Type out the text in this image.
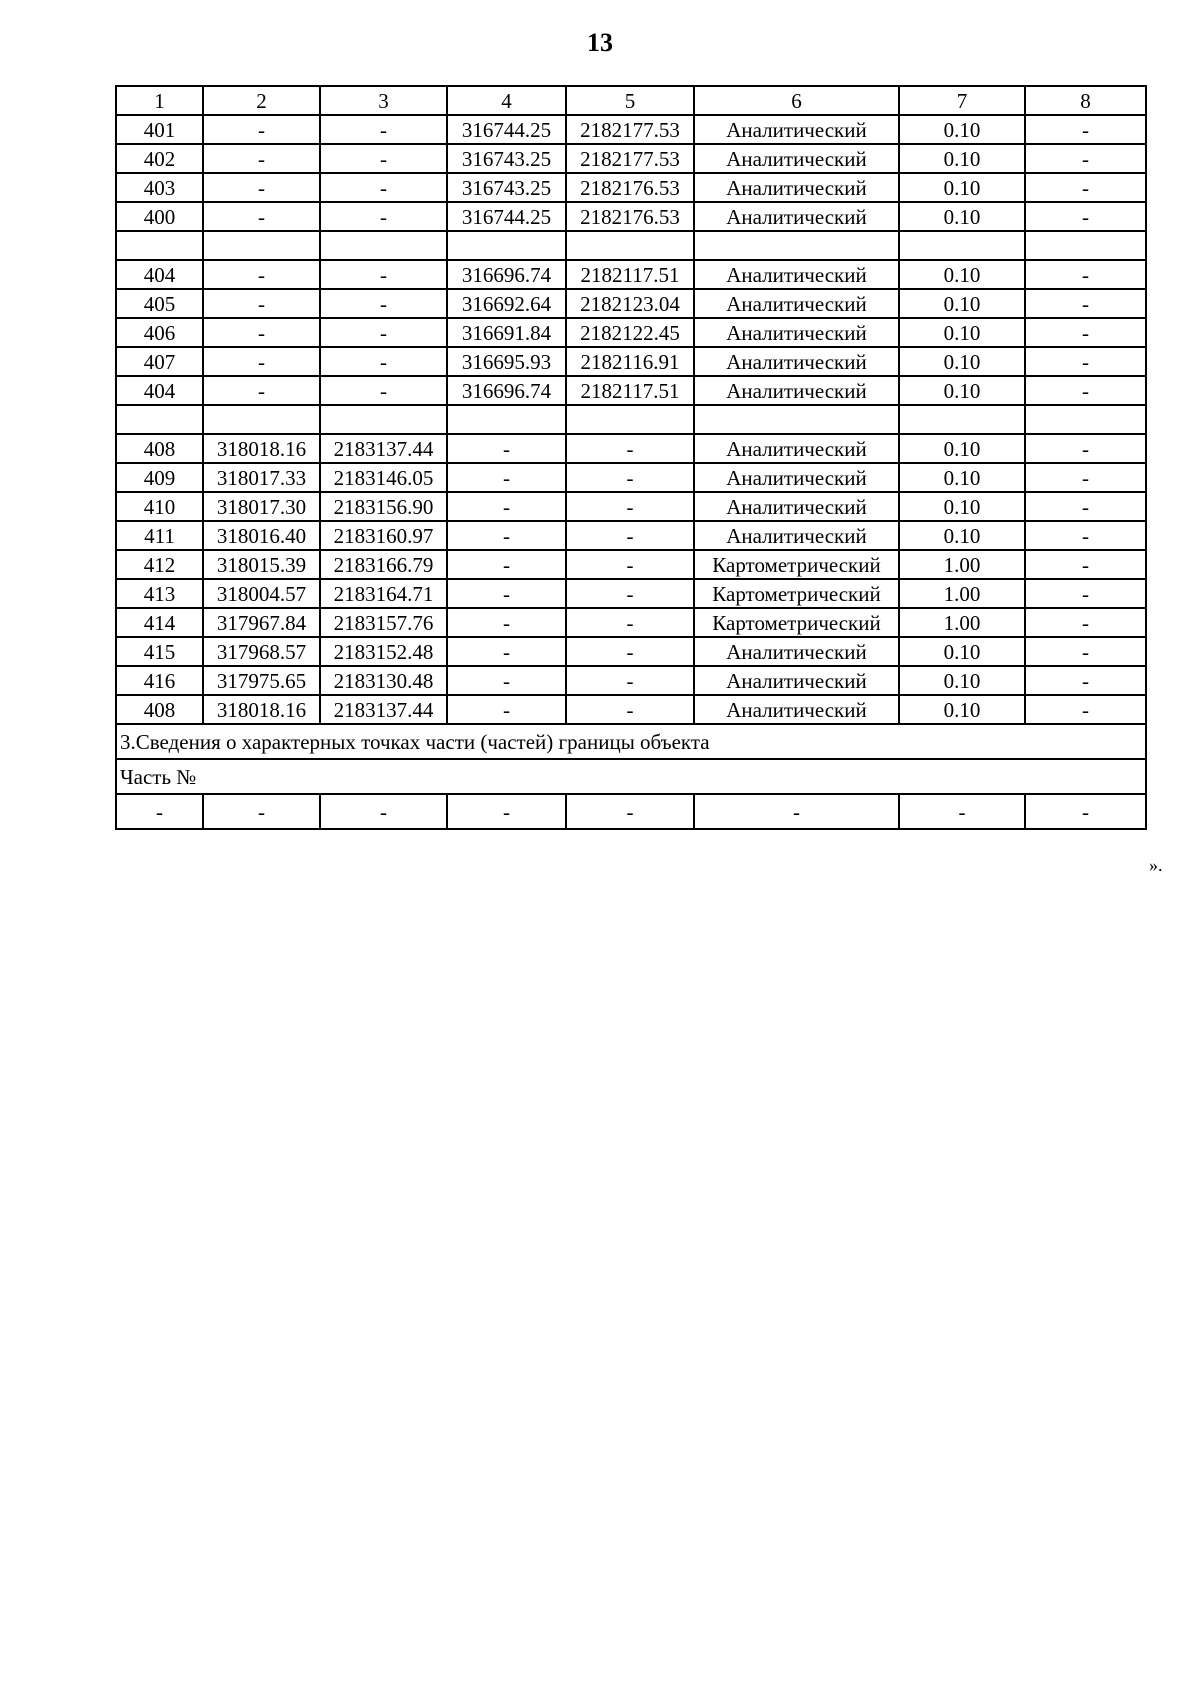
13
1	2	3	4	5	6	7	8
401	-	-	316744.25	2182177.53	Аналитический	0.10	-
402	-	-	316743.25	2182177.53	Аналитический	0.10	-
403	-	-	316743.25	2182176.53	Аналитический	0.10	-
400	-	-	316744.25	2182176.53	Аналитический	0.10	-

404	-	-	316696.74	2182117.51	Аналитический	0.10	-
405	-	-	316692.64	2182123.04	Аналитический	0.10	-
406	-	-	316691.84	2182122.45	Аналитический	0.10	-
407	-	-	316695.93	2182116.91	Аналитический	0.10	-
404	-	-	316696.74	2182117.51	Аналитический	0.10	-

408	318018.16	2183137.44	-	-	Аналитический	0.10	-
409	318017.33	2183146.05	-	-	Аналитический	0.10	-
410	318017.30	2183156.90	-	-	Аналитический	0.10	-
411	318016.40	2183160.97	-	-	Аналитический	0.10	-
412	318015.39	2183166.79	-	-	Картометрический	1.00	-
413	318004.57	2183164.71	-	-	Картометрический	1.00	-
414	317967.84	2183157.76	-	-	Картометрический	1.00	-
415	317968.57	2183152.48	-	-	Аналитический	0.10	-
416	317975.65	2183130.48	-	-	Аналитический	0.10	-
408	318018.16	2183137.44	-	-	Аналитический	0.10	-
3.Сведения о характерных точках части (частей) границы объекта							
Часть №							
-	-	-	-	-	-	-	-
».
